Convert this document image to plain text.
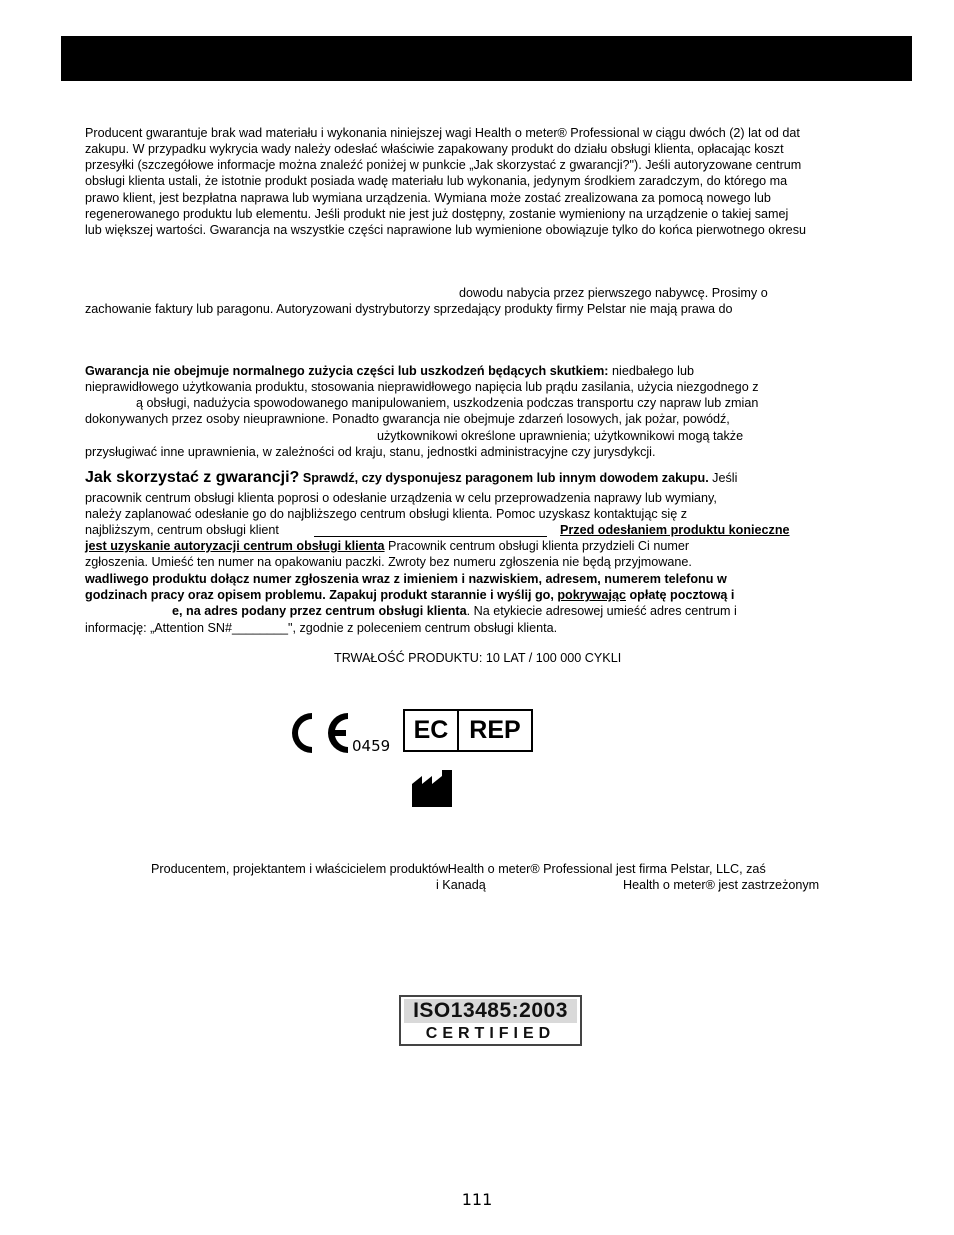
Producent gwarantuje brak wad materiału i wykonania niniejszej wagi Health o meter® Professional w ciągu dwóch (2) lat od dat
zakupu. W przypadku wykrycia wady należy odesłać właściwie zapakowany produkt do działu obsługi klienta, opłacając koszt
przesyłki (szczegółowe informacje można znaleźć poniżej w punkcie „Jak skorzystać z gwarancji?"). Jeśli autoryzowane centrum
obsługi klienta ustali, że istotnie produkt posiada wadę materiału lub wykonania, jedynym środkiem zaradczym, do którego ma
prawo klient, jest bezpłatna naprawa lub wymiana urządzenia. Wymiana może zostać zrealizowana za pomocą nowego lub
regenerowanego produktu lub elementu. Jeśli produkt nie jest już dostępny, zostanie wymieniony na urządzenie o takiej samej
lub większej wartości. Gwarancja na wszystkie części naprawione lub wymienione obowiązuje tylko do końca pierwotnego okresu
dowodu nabycia przez pierwszego nabywcę. Prosimy o
zachowanie faktury lub paragonu. Autoryzowani dystrybutorzy sprzedający produkty firmy Pelstar nie mają prawa do
Gwarancja nie obejmuje normalnego zużycia części lub uszkodzeń będących skutkiem: niedbałego lub
nieprawidłowego użytkowania produktu, stosowania nieprawidłowego napięcia lub prądu zasilania, użycia niezgodnego z
ą obsługi, nadużycia spowodowanego manipulowaniem, uszkodzenia podczas transportu czy napraw lub zmian
dokonywanych przez osoby nieuprawnione. Ponadto gwarancja nie obejmuje zdarzeń losowych, jak pożar, powódź,
użytkownikowi określone uprawnienia; użytkownikowi mogą także
przysługiwać inne uprawnienia, w zależności od kraju, stanu, jednostki administracyjne czy jurysdykcji.
Jak skorzystać z gwarancji? Sprawdź, czy dysponujesz paragonem lub innym dowodem zakupu. Jeśli
pracownik centrum obsługi klienta poprosi o odesłanie urządzenia w celu przeprowadzenia naprawy lub wymiany,
należy zaplanować odesłanie go do najbliższego centrum obsługi klienta. Pomoc uzyskasz kontaktując się z
najbliższym, centrum obsługi klient	Przed odesłaniem produktu konieczne
jest uzyskanie autoryzacji centrum obsługi klienta Pracownik centrum obsługi klienta przydzieli Ci numer
zgłoszenia. Umieść ten numer na opakowaniu paczki. Zwroty bez numeru zgłoszenia nie będą przyjmowane.
wadliwego produktu dołącz numer zgłoszenia wraz z imieniem i nazwiskiem, adresem, numerem telefonu w
godzinach pracy oraz opisem problemu. Zapakuj produkt starannie i wyślij go, pokrywając opłatę pocztową i
e, na adres podany przez centrum obsługi klienta. Na etykiecie adresowej umieść adres centrum i
informację: „Attention SN#________", zgodnie z poleceniem centrum obsługi klienta.
TRWAŁOŚĆ PRODUKTU: 10 LAT / 100 000 CYKLI
0459
EC REP
Producentem, projektantem i właścicielem produktówHealth o meter® Professional jest firma Pelstar, LLC, zaś
i Kanadą	Health o meter® jest zastrzeżonym
ISO13485:2003
CERTIFIED
111
